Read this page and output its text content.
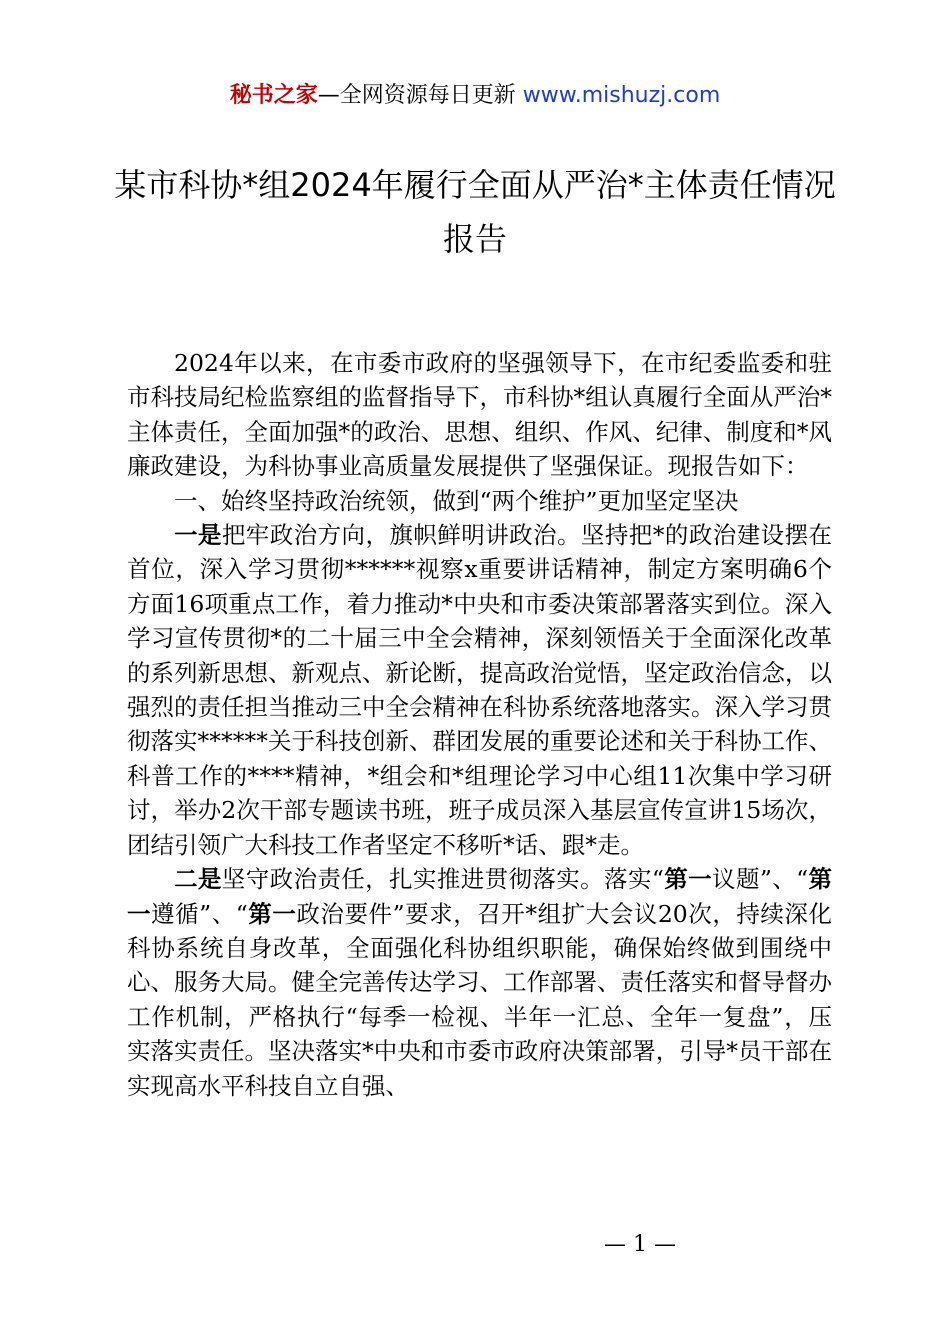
秘书之家—全网资源每日更新 www.mishuzj.com
某市科协*组2024年履行全面从严治*主体责任情况报告

2024年以来，在市委市政府的坚强领导下，在市纪委监委和驻市科技局纪检监察组的监督指导下，市科协*组认真履行全面从严治*主体责任，全面加强*的政治、思想、组织、作风、纪律、制度和*风廉政建设，为科协事业高质量发展提供了坚强保证。现报告如下：

一、始终坚持政治统领，做到“两个维护”更加坚定坚决

一是把牢政治方向，旗帜鲜明讲政治。坚持把*的政治建设摆在首位，深入学习贯彻******视察x重要讲话精神，制定方案明确6个方面16项重点工作，着力推动*中央和市委决策部署落实到位。深入学习宣传贯彻*的二十届三中全会精神，深刻领悟关于全面深化改革的系列新思想、新观点、新论断，提高政治觉悟，坚定政治信念，以强烈的责任担当推动三中全会精神在科协系统落地落实。深入学习贯彻落实******关于科技创新、群团发展的重要论述和关于科协工作、科普工作的****精神，*组会和*组理论学习中心组11次集中学习研讨，举办2次干部专题读书班，班子成员深入基层宣传宣讲15场次，团结引领广大科技工作者坚定不移听*话、跟*走。

二是坚守政治责任，扎实推进贯彻落实。落实“第一议题”、“第一遵循”、“第一政治要件”要求，召开*组扩大会议20次，持续深化科协系统自身改革，全面强化科协组织职能，确保始终做到围绕中心、服务大局。健全完善传达学习、工作部署、责任落实和督导督办工作机制，严格执行“每季一检视、半年一汇总、全年一复盘”，压实落实责任。坚决落实*中央和市委市政府决策部署，引导*员干部在实现高水平科技自立自强、

— 1 —
